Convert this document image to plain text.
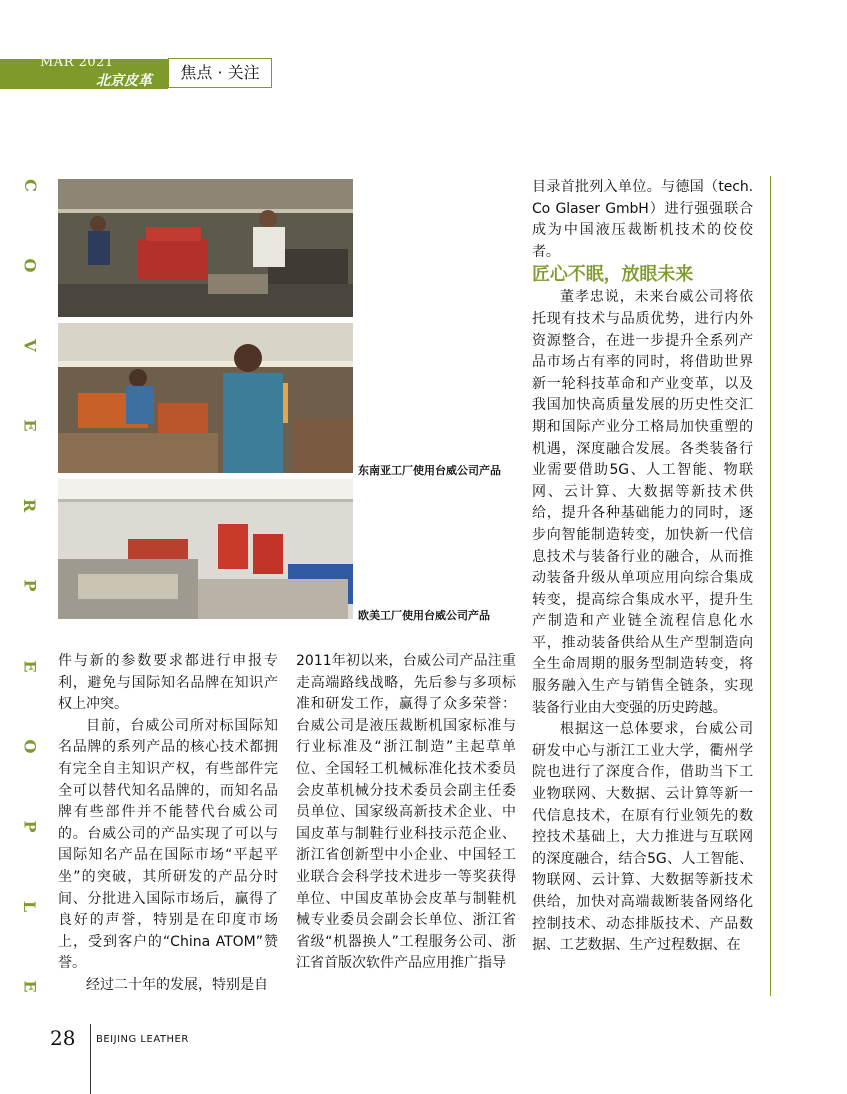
MAR 2021
北京皮革	焦点 · 关注
C
O
V
E
R
P
E
O
P
L
E
东南亚工厂使用台威公司产品
欧美工厂使用台威公司产品

件与新的参数要求都进行申报专利，避免与国际知名品牌在知识产权上冲突。

目前，台威公司所对标国际知名品牌的系列产品的核心技术都拥有完全自主知识产权，有些部件完全可以替代知名品牌的，而知名品牌有些部件并不能替代台威公司的。台威公司的产品实现了可以与国际知名产品在国际市场“平起平坐”的突破，其所研发的产品分时间、分批进入国际市场后，赢得了良好的声誉，特别是在印度市场上，受到客户的“China ATOM”赞誉。

经过二十年的发展，特别是自

2011年初以来，台威公司产品注重走高端路线战略，先后参与多项标准和研发工作，赢得了众多荣誉：台威公司是液压裁断机国家标准与行业标准及“浙江制造”主起草单位、全国轻工机械标准化技术委员会皮革机械分技术委员会副主任委员单位、国家级高新技术企业、中国皮革与制鞋行业科技示范企业、浙江省创新型中小企业、中国轻工业联合会科学技术进步一等奖获得单位、中国皮革协会皮革与制鞋机械专业委员会副会长单位、浙江省省级“机器换人”工程服务公司、浙江省首版次软件产品应用推广指导

目录首批列入单位。与德国（tech. Co Glaser GmbH）进行强强联合成为中国液压裁断机技术的佼佼者。

匠心不眠，放眼未来

董孝忠说，未来台威公司将依托现有技术与品质优势，进行内外资源整合，在进一步提升全系列产品市场占有率的同时，将借助世界新一轮科技革命和产业变革，以及我国加快高质量发展的历史性交汇期和国际产业分工格局加快重塑的机遇，深度融合发展。各类装备行业需要借助5G、人工智能、物联网、云计算、大数据等新技术供给，提升各种基础能力的同时，逐步向智能制造转变，加快新一代信息技术与装备行业的融合，从而推动装备升级从单项应用向综合集成转变，提高综合集成水平，提升生产制造和产业链全流程信息化水平，推动装备供给从生产型制造向全生命周期的服务型制造转变，将服务融入生产与销售全链条，实现装备行业由大变强的历史跨越。

根据这一总体要求，台威公司研发中心与浙江工业大学，衢州学院也进行了深度合作，借助当下工业物联网、大数据、云计算等新一代信息技术，在原有行业领先的数控技术基础上，大力推进与互联网的深度融合，结合5G、人工智能、物联网、云计算、大数据等新技术供给，加快对高端裁断装备网络化控制技术、动态排版技术、产品数据、工艺数据、生产过程数据、在

28 BEIJING LEATHER
